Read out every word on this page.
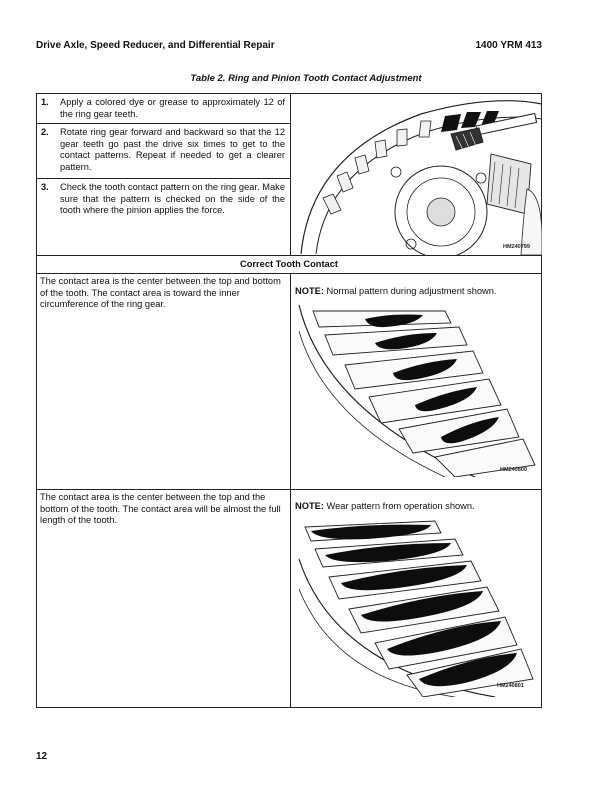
Drive Axle, Speed Reducer, and Differential Repair	1400 YRM 413
Table 2. Ring and Pinion Tooth Contact Adjustment
1.	Apply a colored dye or grease to approximately 12 of the ring gear teeth.
2.	Rotate ring gear forward and backward so that the 12 gear teeth go past the drive six times to get to the contact patterns. Repeat if needed to get a clearer pattern.
3.	Check the tooth contact pattern on the ring gear. Make sure that the pattern is checked on the side of the tooth where the pinion applies the force.
HM240799
Correct Tooth Contact
The contact area is the center between the top and bottom of the tooth. The contact area is toward the inner circumference of the ring gear.
NOTE: Normal pattern during adjustment shown.
HM240800
The contact area is the center between the top and the bottom of the tooth. The contact area will be almost the full length of the tooth.
NOTE: Wear pattern from operation shown.
HM240801
12
